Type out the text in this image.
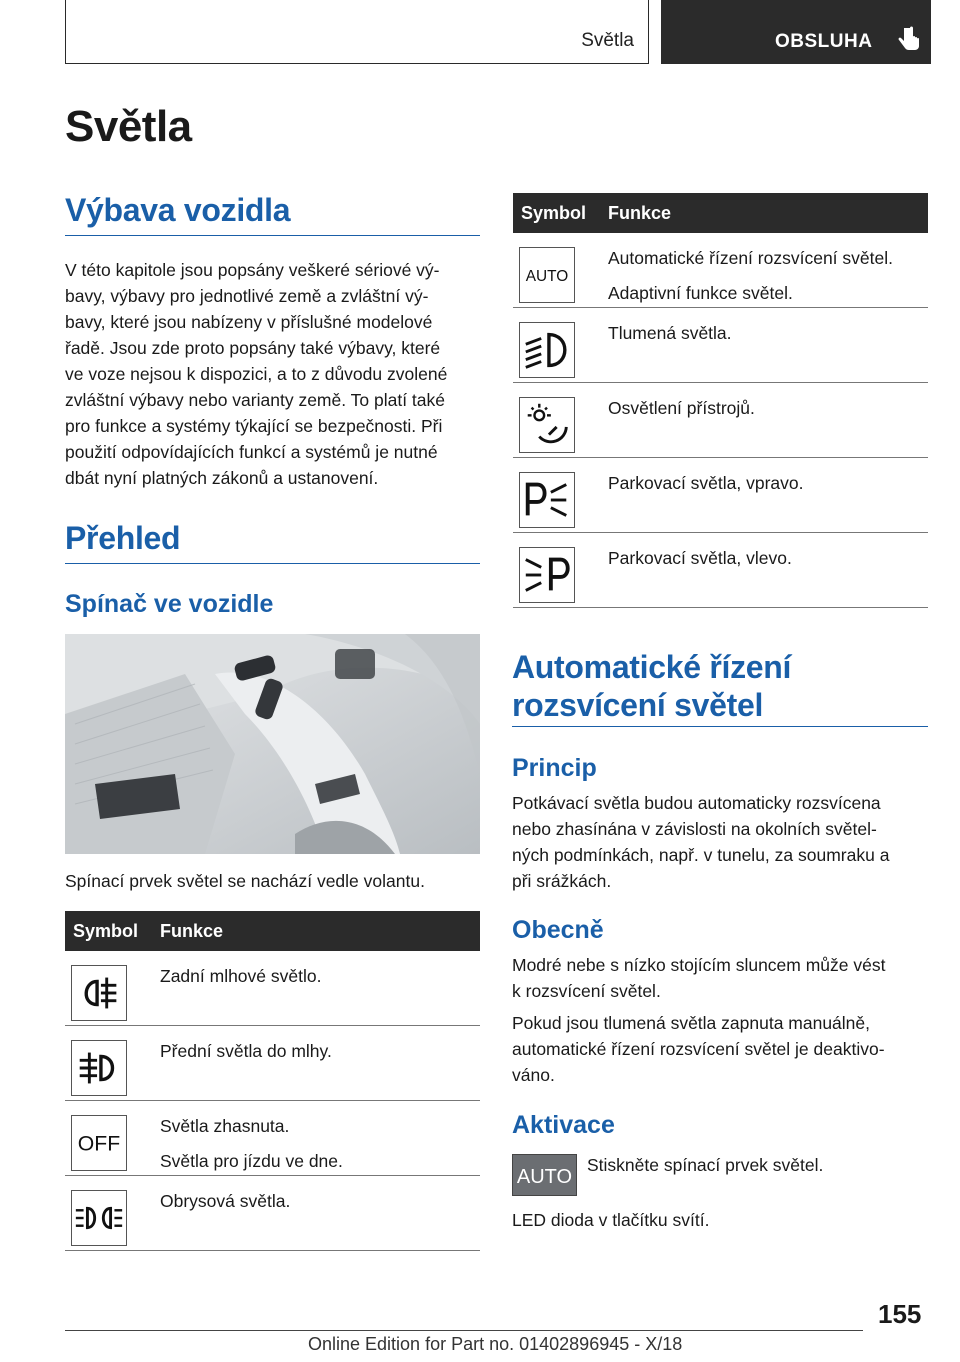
Světla	OBSLUHA
Světla
Výbava vozidla
V této kapitole jsou popsány veškeré sériové vý‐
bavy, výbavy pro jednotlivé země a zvláštní vý‐
bavy, které jsou nabízeny v příslušné modelové
řadě. Jsou zde proto popsány také výbavy, které
ve voze nejsou k dispozici, a to z důvodu zvolené
zvláštní výbavy nebo varianty země. To platí také
pro funkce a systémy týkající se bezpečnosti. Při
použití odpovídajících funkcí a systémů je nutné
dbát nyní platných zákonů a ustanovení.
Přehled
Spínač ve vozidle
Spínací prvek světel se nachází vedle volantu.
Symbol Funkce

Zadní mlhové světlo.

Přední světla do mlhy.

OFF

Světla zhasnuta.

Světla pro jízdu ve dne.

Obrysová světla.

Symbol Funkce
AUTO

Automatické řízení rozsvícení světel.

Adaptivní funkce světel.

Tlumená světla.

Osvětlení přístrojů.

Parkovací světla, vpravo.

Parkovací světla, vlevo.

Automatické řízení
rozsvícení světel
Princip
Potkávací světla budou automaticky rozsvícena
nebo zhasínána v závislosti na okolních světel‐
ných podmínkách, např. v tunelu, za soumraku a
při srážkách.
Obecně
Modré nebe s nízko stojícím sluncem může vést
k rozsvícení světel.
Pokud jsou tlumená světla zapnuta manuálně,
automatické řízení rozsvícení světel je deaktivo‐
váno.
Aktivace
AUTO
Stiskněte spínací prvek světel.
LED dioda v tlačítku svítí.
155
Online Edition for Part no. 01402896945 - X/18
